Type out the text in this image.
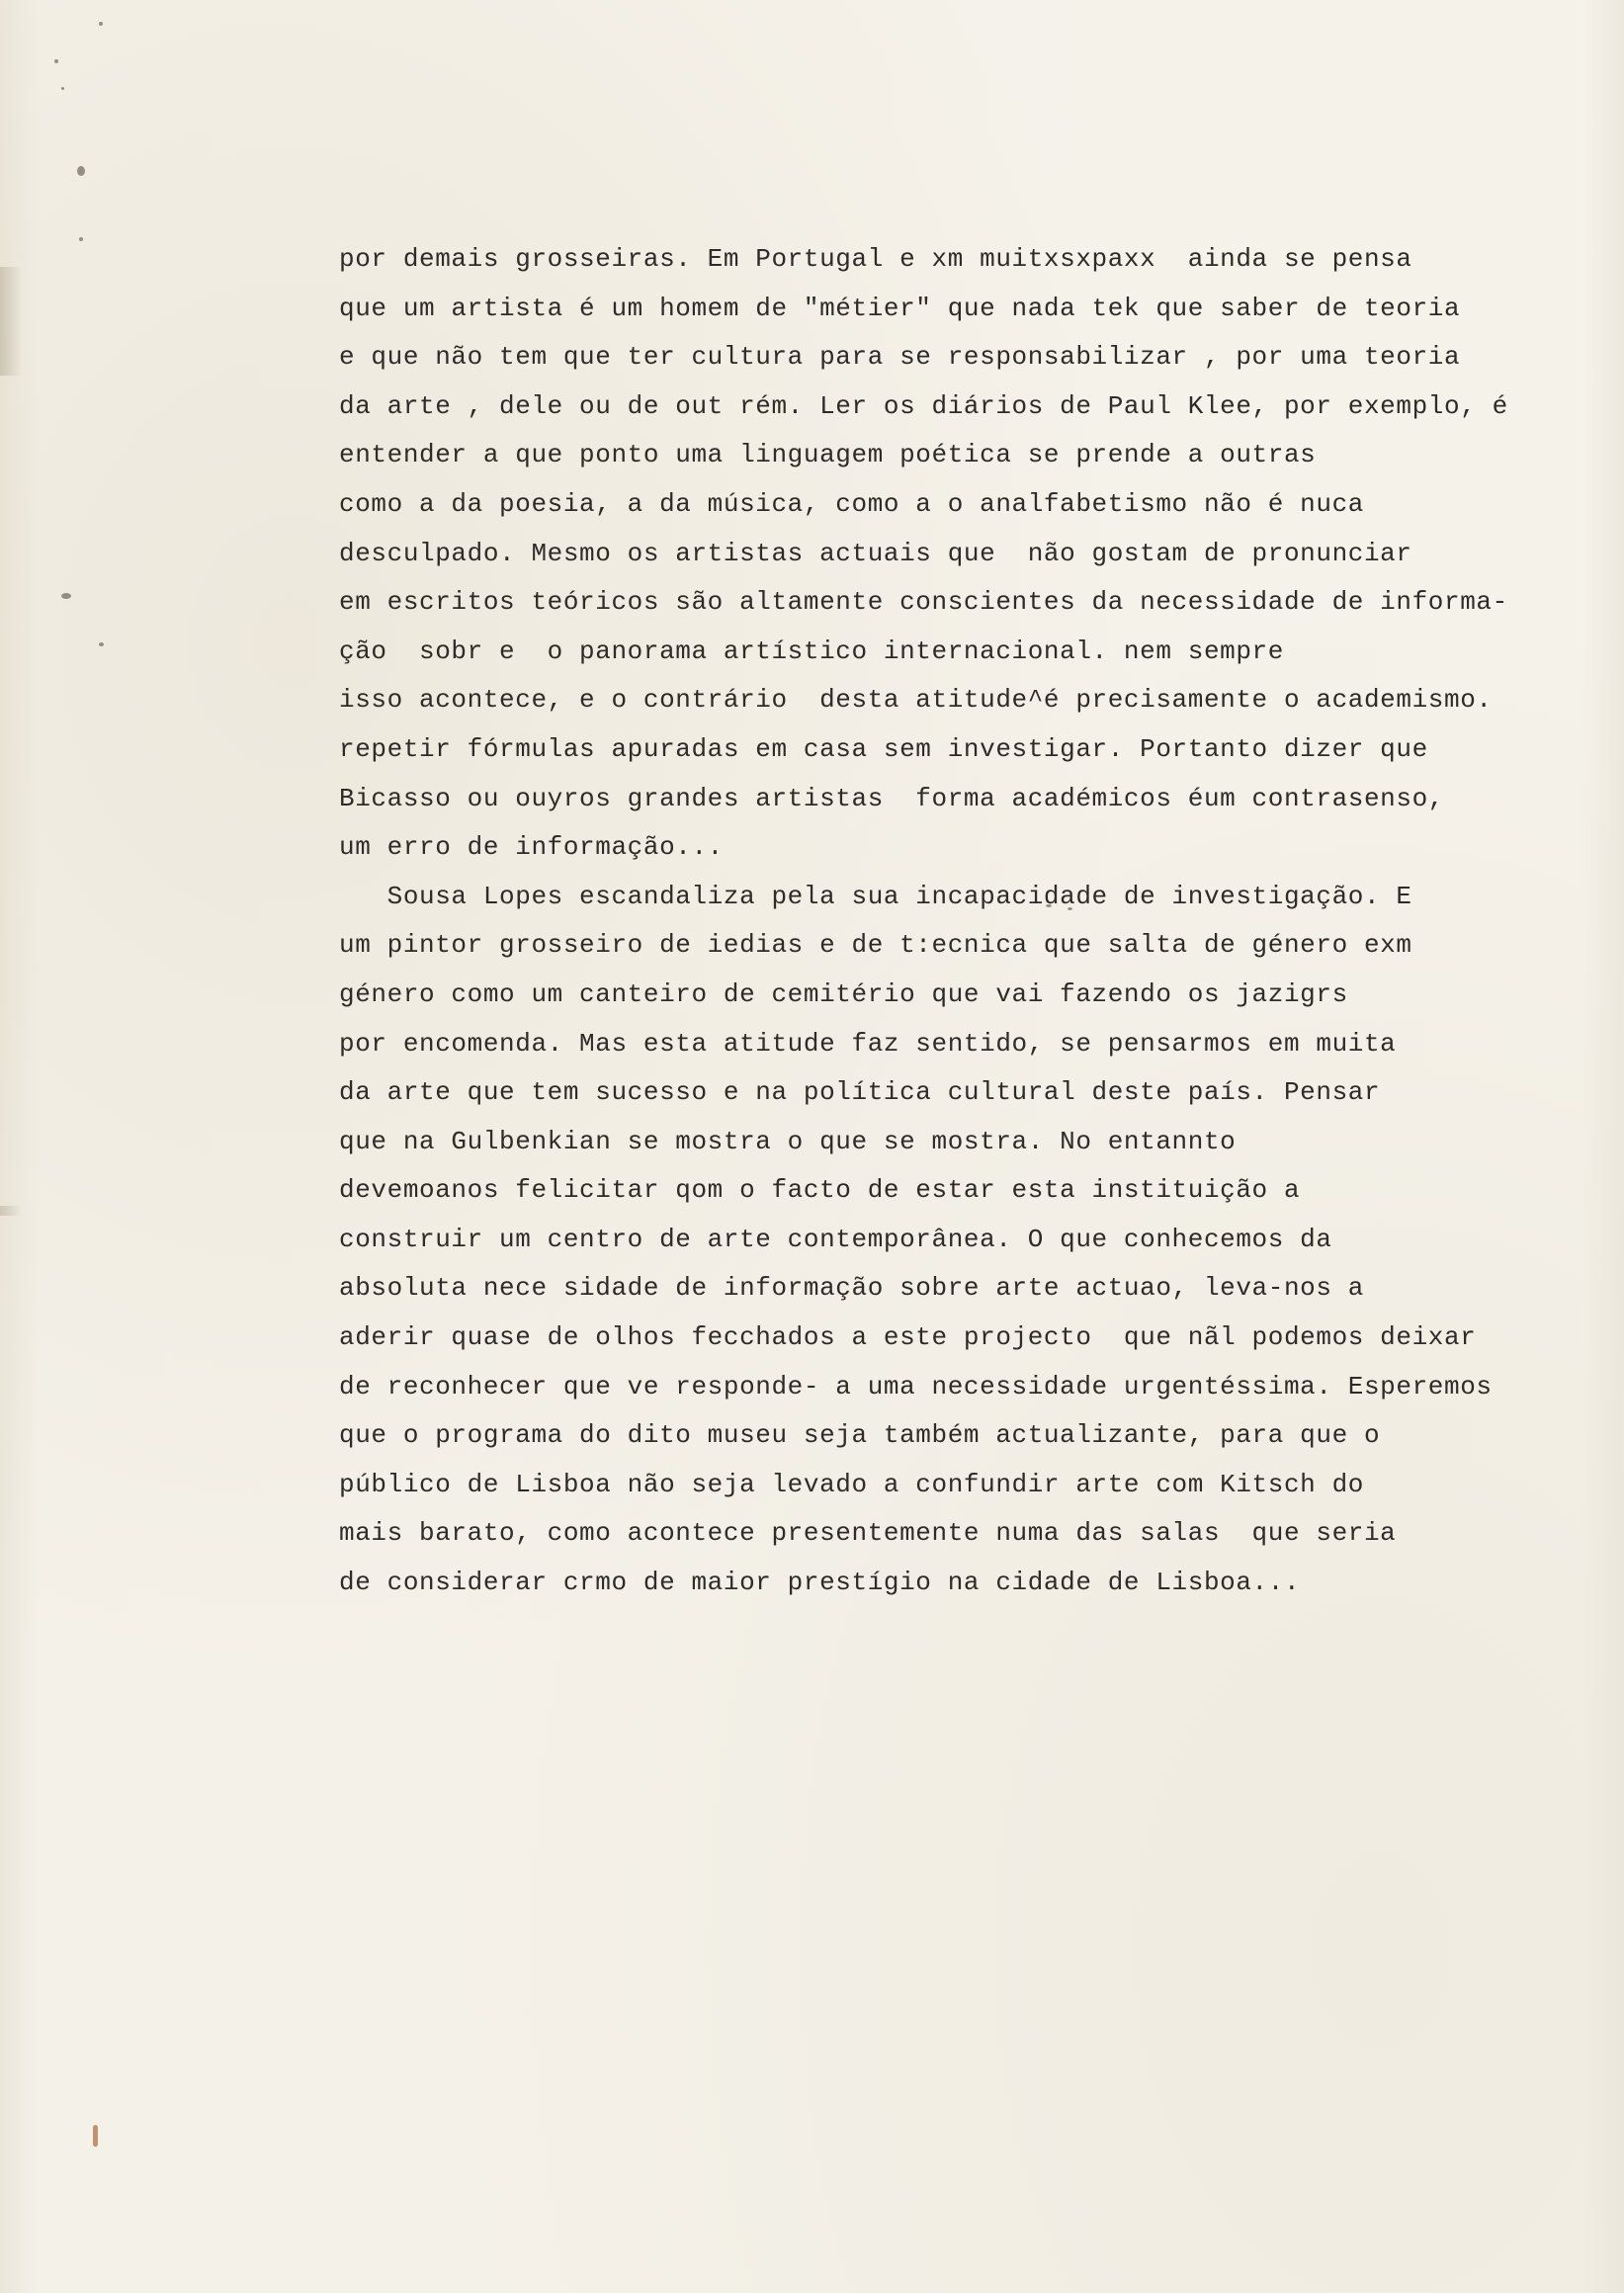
por demais grosseiras. Em Portugal e xm muitxsxpaxx  ainda se pensa
que um artista é um homem de "métier" que nada tek que saber de teoria
e que não tem que ter cultura para se responsabilizar , por uma teoria
da arte , dele ou de out rém. Ler os diários de Paul Klee, por exemplo, é
entender a que ponto uma linguagem poética se prende a outras
como a da poesia, a da música, como a o analfabetismo não é nuca
desculpado. Mesmo os artistas actuais que  não gostam de pronunciar
em escritos teóricos são altamente conscientes da necessidade de informa-
ção  sobr e  o panorama artístico internacional. nem sempre
isso acontece, e o contrário  desta atitude^é precisamente o academismo.
repetir fórmulas apuradas em casa sem investigar. Portanto dizer que
Bicasso ou ouyros grandes artistas  forma académicos éum contrasenso,
um erro de informação...
Sousa Lopes escandaliza pela sua incapacidade de investigação. E
um pintor grosseiro de iedias e de t:ecnica que salta de género exm
género como um canteiro de cemitério que vai fazendo os jazigrs
por encomenda. Mas esta atitude faz sentido, se pensarmos em muita
da arte que tem sucesso e na política cultural deste país. Pensar
que na Gulbenkian se mostra o que se mostra. No entannto
devemoanos felicitar qom o facto de estar esta instituição a
construir um centro de arte contemporânea. O que conhecemos da
absoluta nece sidade de informação sobre arte actuao, leva-nos a
aderir quase de olhos fecchados a este projecto  que nãl podemos deixar
de reconhecer que ve responde- a uma necessidade urgentéssima. Esperemos
que o programa do dito museu seja também actualizante, para que o
público de Lisboa não seja levado a confundir arte com Kitsch do
mais barato, como acontece presentemente numa das salas  que seria
de considerar crmo de maior prestígio na cidade de Lisboa...
